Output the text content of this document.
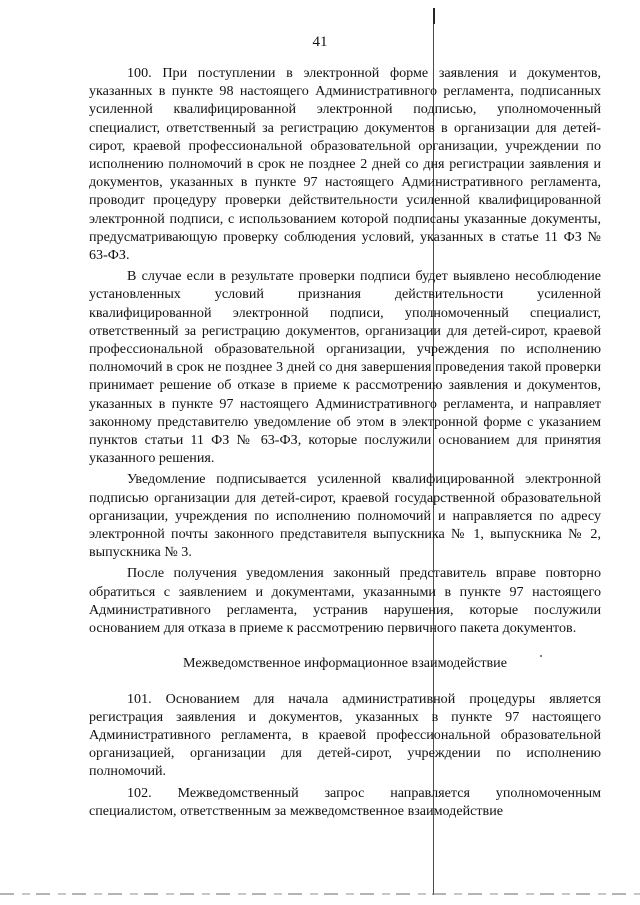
41

100. При поступлении в электронной форме заявления и документов, указанных в пункте 98 настоящего Административного регламента, подписанных усиленной квалифицированной электронной подписью, уполномоченный специалист, ответственный за регистрацию документов в организации для детей-сирот, краевой профессиональной образовательной организации, учреждении по исполнению полномочий в срок не позднее 2 дней со дня регистрации заявления и документов, указанных в пункте 97 настоящего Административного регламента, проводит процедуру проверки действительности усиленной квалифицированной электронной подписи, с использованием которой подписаны указанные документы, предусматривающую проверку соблюдения условий, указанных в статье 11 ФЗ № 63-ФЗ.

В случае если в результате проверки подписи будет выявлено несоблюдение установленных условий признания действительности усиленной квалифицированной электронной подписи, уполномоченный специалист, ответственный за регистрацию документов, организации для детей-сирот, краевой профессиональной образовательной организации, учреждения по исполнению полномочий в срок не позднее 3 дней со дня завершения проведения такой проверки принимает решение об отказе в приеме к рассмотрению заявления и документов, указанных в пункте 97 настоящего Административного регламента, и направляет законному представителю уведомление об этом в электронной форме с указанием пунктов статьи 11 ФЗ № 63-ФЗ, которые послужили основанием для принятия указанного решения.

Уведомление подписывается усиленной квалифицированной электронной подписью организации для детей-сирот, краевой государственной образовательной организации, учреждения по исполнению полномочий и направляется по адресу электронной почты законного представителя выпускника № 1, выпускника № 2, выпускника № 3.

После получения уведомления законный представитель вправе повторно обратиться с заявлением и документами, указанными в пункте 97 настоящего Административного регламента, устранив нарушения, которые послужили основанием для отказа в приеме к рассмотрению первичного пакета документов.

Межведомственное информационное взаимодействие

101. Основанием для начала административной процедуры является регистрация заявления и документов, указанных в пункте 97 настоящего Административного регламента, в краевой профессиональной образовательной организацией, организации для детей-сирот, учреждении по исполнению полномочий.

102. Межведомственный запрос направляется уполномоченным специалистом, ответственным за межведомственное взаимодействие
